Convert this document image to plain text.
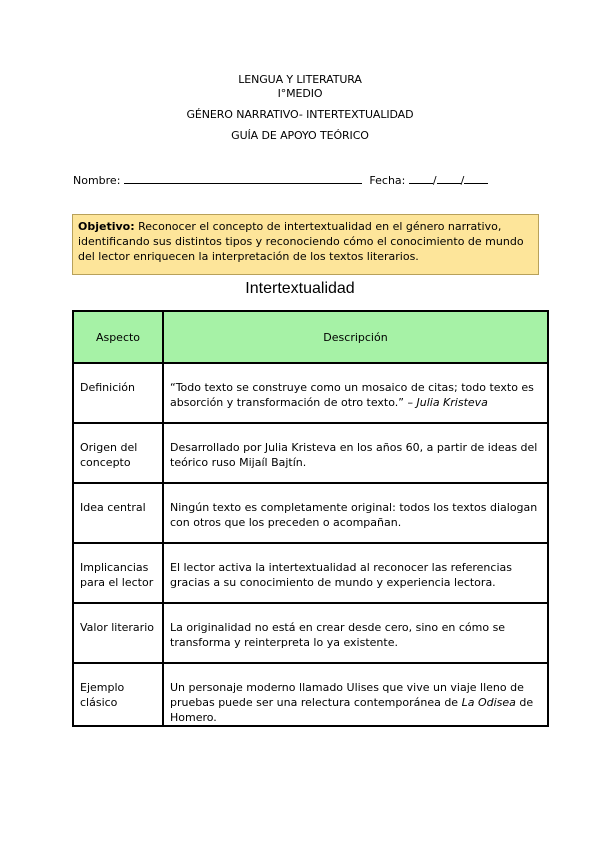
LENGUA Y LITERATURA
I°MEDIO
GÉNERO NARRATIVO- INTERTEXTUALIDAD
GUÍA DE APOYO TEÓRICO
Nombre:	Fecha:	/ /
Objetivo: Reconocer el concepto de intertextualidad en el género narrativo, identificando sus distintos tipos y reconociendo cómo el conocimiento de mundo del lector enriquecen la interpretación de los textos literarios.
Intertextualidad
Aspecto	Descripción
Definición	“Todo texto se construye como un mosaico de citas; todo texto es absorción y transformación de otro texto.” – Julia Kristeva
Origen del concepto	Desarrollado por Julia Kristeva en los años 60, a partir de ideas del teórico ruso Mijaíl Bajtín.
Idea central	Ningún texto es completamente original: todos los textos dialogan con otros que los preceden o acompañan.
Implicancias para el lector	El lector activa la intertextualidad al reconocer las referencias gracias a su conocimiento de mundo y experiencia lectora.
Valor literario	La originalidad no está en crear desde cero, sino en cómo se transforma y reinterpreta lo ya existente.
Ejemplo clásico	Un personaje moderno llamado Ulises que vive un viaje lleno de pruebas puede ser una relectura contemporánea de La Odisea de Homero.
